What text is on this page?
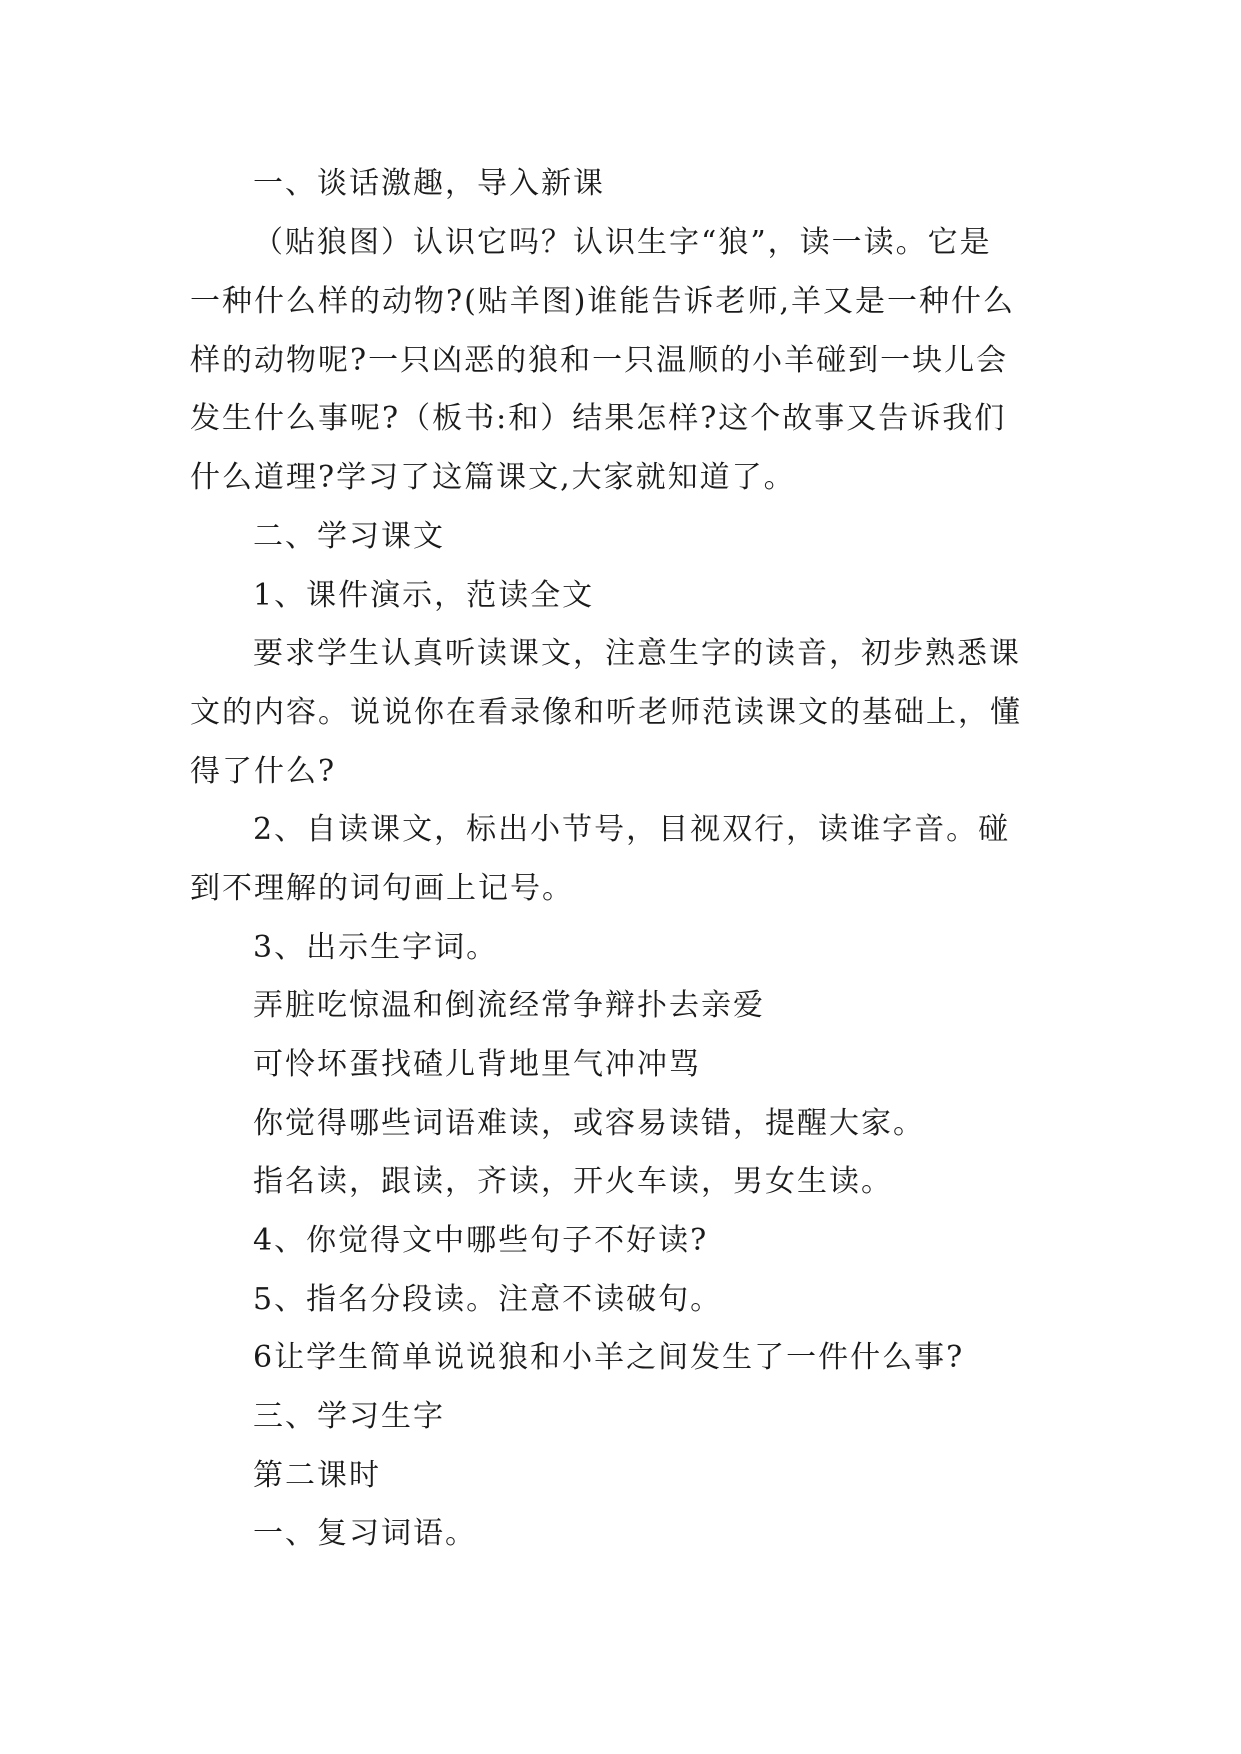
一、谈话激趣，导入新课
（贴狼图）认识它吗？认识生字“狼”，读一读。它是
一种什么样的动物?(贴羊图)谁能告诉老师,羊又是一种什么
样的动物呢?一只凶恶的狼和一只温顺的小羊碰到一块儿会
发生什么事呢?（板书:和）结果怎样?这个故事又告诉我们
什么道理?学习了这篇课文,大家就知道了。
二、学习课文
1、课件演示，范读全文
要求学生认真听读课文，注意生字的读音，初步熟悉课
文的内容。说说你在看录像和听老师范读课文的基础上，懂
得了什么?
2、自读课文，标出小节号，目视双行，读谁字音。碰
到不理解的词句画上记号。
3、出示生字词。
弄脏吃惊温和倒流经常争辩扑去亲爱
可怜坏蛋找碴儿背地里气冲冲骂
你觉得哪些词语难读，或容易读错，提醒大家。
指名读，跟读，齐读，开火车读，男女生读。
4、你觉得文中哪些句子不好读?
5、指名分段读。注意不读破句。
6让学生简单说说狼和小羊之间发生了一件什么事?
三、学习生字
第二课时
一、复习词语。
